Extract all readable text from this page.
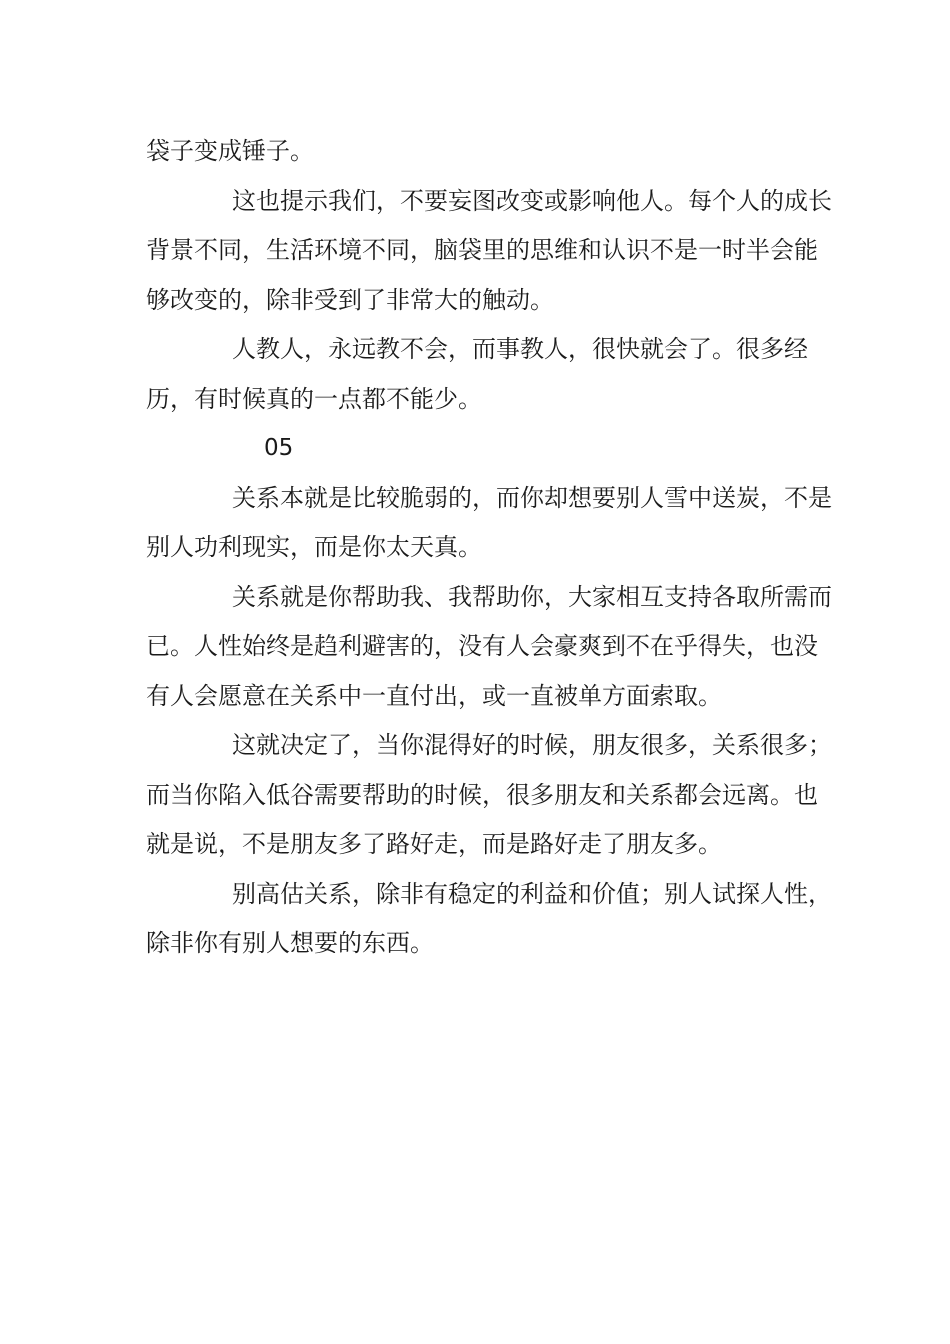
袋子变成锤子。

这也提示我们，不要妄图改变或影响他人。每个人的成长背景不同，生活环境不同，脑袋里的思维和认识不是一时半会能够改变的，除非受到了非常大的触动。

人教人，永远教不会，而事教人，很快就会了。很多经历，有时候真的一点都不能少。

05

关系本就是比较脆弱的，而你却想要别人雪中送炭，不是别人功利现实，而是你太天真。

关系就是你帮助我、我帮助你，大家相互支持各取所需而已。人性始终是趋利避害的，没有人会豪爽到不在乎得失，也没有人会愿意在关系中一直付出，或一直被单方面索取。

这就决定了，当你混得好的时候，朋友很多，关系很多；而当你陷入低谷需要帮助的时候，很多朋友和关系都会远离。也就是说，不是朋友多了路好走，而是路好走了朋友多。

别高估关系，除非有稳定的利益和价值；别人试探人性，除非你有别人想要的东西。
